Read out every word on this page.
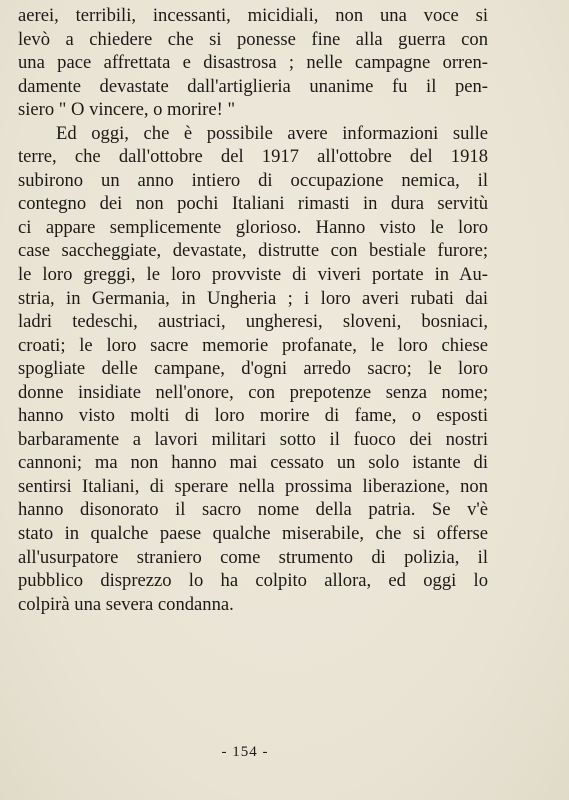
aerei, terribili, incessanti, micidiali, non una voce si
levò a chiedere che si ponesse fine alla guerra con
una pace affrettata e disastrosa ; nelle campagne orren-
damente devastate dall'artiglieria unanime fu il pen-
siero " O vincere, o morire! "
Ed oggi, che è possibile avere informazioni sulle
terre, che dall'ottobre del 1917 all'ottobre del 1918
subirono un anno intiero di occupazione nemica, il
contegno dei non pochi Italiani rimasti in dura servitù
ci appare semplicemente glorioso. Hanno visto le loro
case saccheggiate, devastate, distrutte con bestiale furore;
le loro greggi, le loro provviste di viveri portate in Au-
stria, in Germania, in Ungheria ; i loro averi rubati dai
ladri tedeschi, austriaci, ungheresi, sloveni, bosniaci,
croati; le loro sacre memorie profanate, le loro chiese
spogliate delle campane, d'ogni arredo sacro; le loro
donne insidiate nell'onore, con prepotenze senza nome;
hanno visto molti di loro morire di fame, o esposti
barbaramente a lavori militari sotto il fuoco dei nostri
cannoni; ma non hanno mai cessato un solo istante di
sentirsi Italiani, di sperare nella prossima liberazione, non
hanno disonorato il sacro nome della patria. Se v'è
stato in qualche paese qualche miserabile, che si offerse
all'usurpatore straniero come strumento di polizia, il
pubblico disprezzo lo ha colpito allora, ed oggi lo
colpirà una severa condanna.
- 154 -
